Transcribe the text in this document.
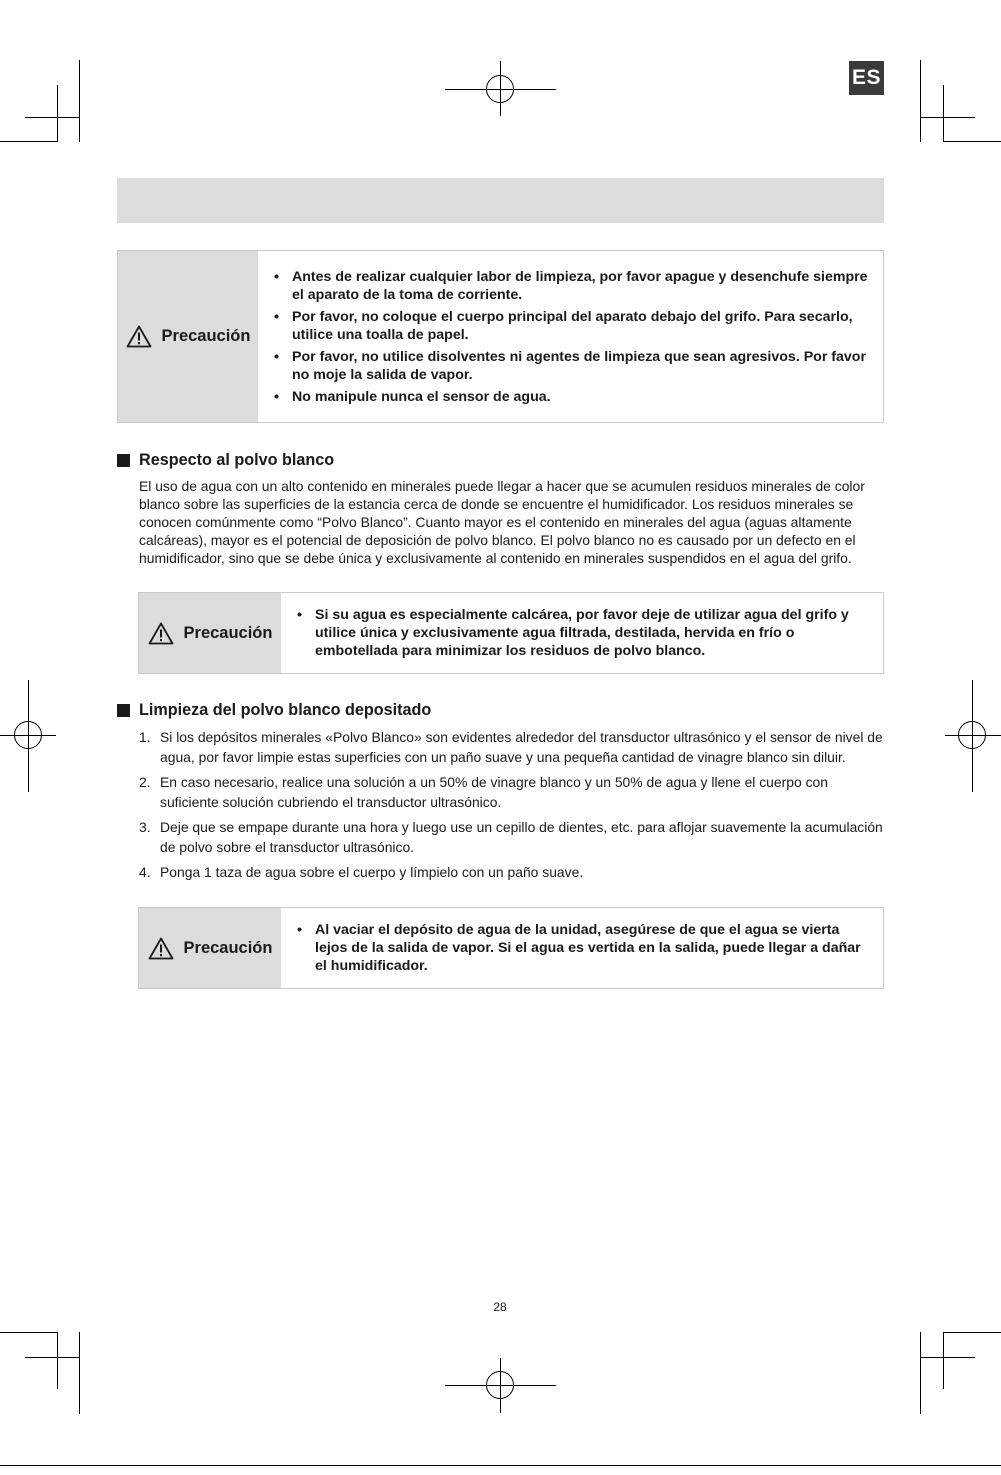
ES
Precaución
• Antes de realizar cualquier labor de limpieza, por favor apague y desenchufe siempre el aparato de la toma de corriente.
• Por favor, no coloque el cuerpo principal del aparato debajo del grifo. Para secarlo, utilice una toalla de papel.
• Por favor, no utilice disolventes ni agentes de limpieza que sean agresivos. Por favor no moje la salida de vapor.
• No manipule nunca el sensor de agua.
Respecto al polvo blanco

El uso de agua con un alto contenido en minerales puede llegar a hacer que se acumulen residuos minerales de color blanco sobre las superficies de la estancia cerca de donde se encuentre el humidificador. Los residuos minerales se conocen comúnmente como “Polvo Blanco”. Cuanto mayor es el contenido en minerales del agua (aguas altamente calcáreas), mayor es el potencial de deposición de polvo blanco. El polvo blanco no es causado por un defecto en el humidificador, sino que se debe única y exclusivamente al contenido en minerales suspendidos en el agua del grifo.

Precaución
• Si su agua es especialmente calcárea, por favor deje de utilizar agua del grifo y utilice única y exclusivamente agua filtrada, destilada, hervida en frío o embotellada para minimizar los residuos de polvo blanco.
Limpieza del polvo blanco depositado
1. Si los depósitos minerales «Polvo Blanco» son evidentes alrededor del transductor ultrasónico y el sensor de nivel de agua, por favor limpie estas superficies con un paño suave y una pequeña cantidad de vinagre blanco sin diluir.
2. En caso necesario, realice una solución a un 50% de vinagre blanco y un 50% de agua y llene el cuerpo con suficiente solución cubriendo el transductor ultrasónico.
3. Deje que se empape durante una hora y luego use un cepillo de dientes, etc. para aflojar suavemente la acumulación de polvo sobre el transductor ultrasónico.
4. Ponga 1 taza de agua sobre el cuerpo y límpielo con un paño suave.
Precaución
• Al vaciar el depósito de agua de la unidad, asegúrese de que el agua se vierta lejos de la salida de vapor. Si el agua es vertida en la salida, puede llegar a dañar el humidificador.
28
